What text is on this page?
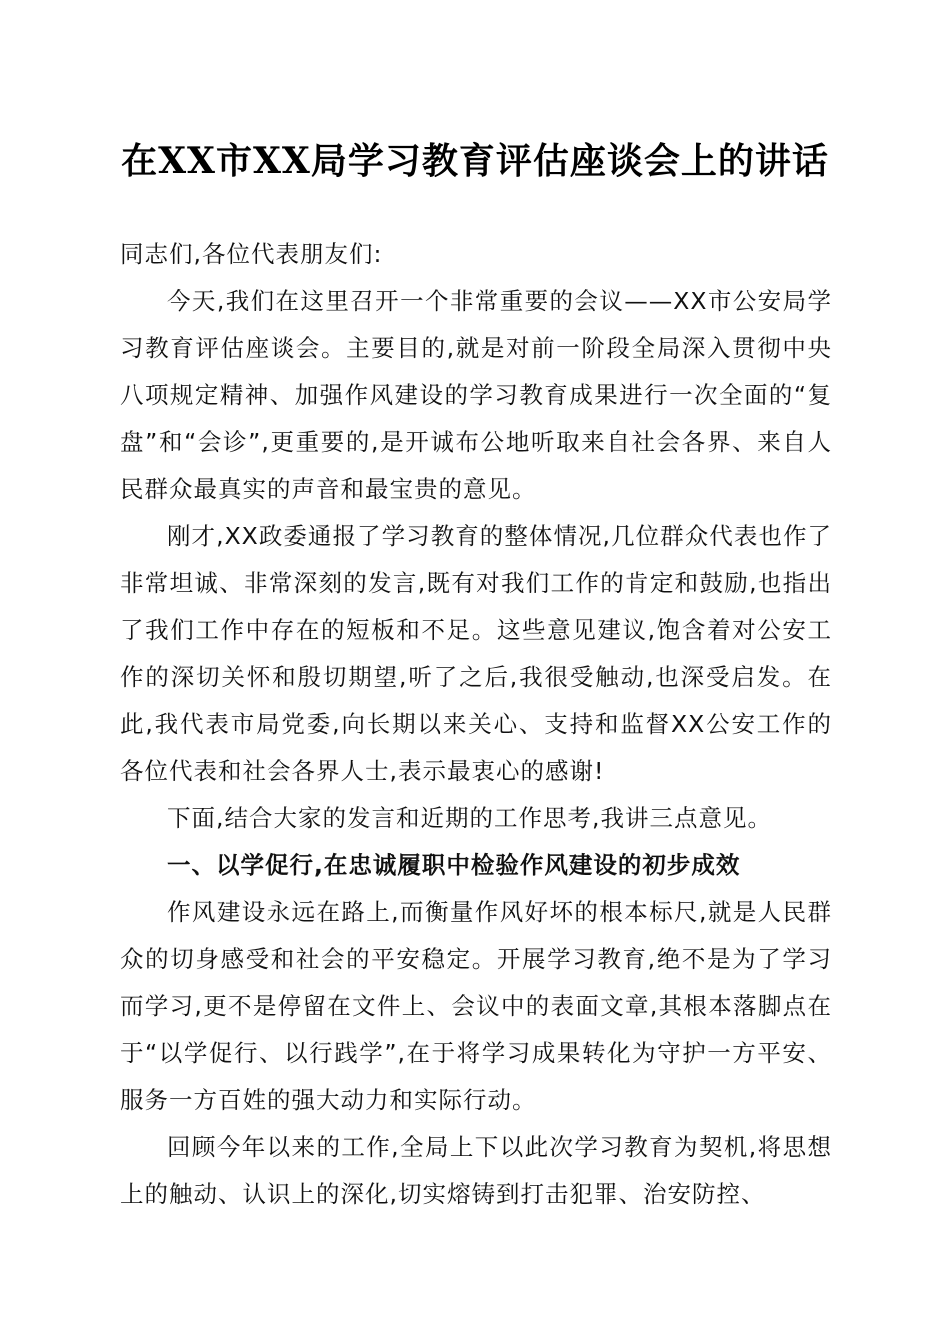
在XX市XX局学习教育评估座谈会上的讲话

同志们,各位代表朋友们:

今天,我们在这里召开一个非常重要的会议——XX市公安局学习教育评估座谈会。主要目的,就是对前一阶段全局深入贯彻中央八项规定精神、加强作风建设的学习教育成果进行一次全面的“复盘”和“会诊”,更重要的,是开诚布公地听取来自社会各界、来自人民群众最真实的声音和最宝贵的意见。

刚才,XX政委通报了学习教育的整体情况,几位群众代表也作了非常坦诚、非常深刻的发言,既有对我们工作的肯定和鼓励,也指出了我们工作中存在的短板和不足。这些意见建议,饱含着对公安工作的深切关怀和殷切期望,听了之后,我很受触动,也深受启发。在此,我代表市局党委,向长期以来关心、支持和监督XX公安工作的各位代表和社会各界人士,表示最衷心的感谢!

下面,结合大家的发言和近期的工作思考,我讲三点意见。

一、以学促行,在忠诚履职中检验作风建设的初步成效

作风建设永远在路上,而衡量作风好坏的根本标尺,就是人民群众的切身感受和社会的平安稳定。开展学习教育,绝不是为了学习而学习,更不是停留在文件上、会议中的表面文章,其根本落脚点在于“以学促行、以行践学”,在于将学习成果转化为守护一方平安、服务一方百姓的强大动力和实际行动。

回顾今年以来的工作,全局上下以此次学习教育为契机,将思想上的触动、认识上的深化,切实熔铸到打击犯罪、治安防控、
